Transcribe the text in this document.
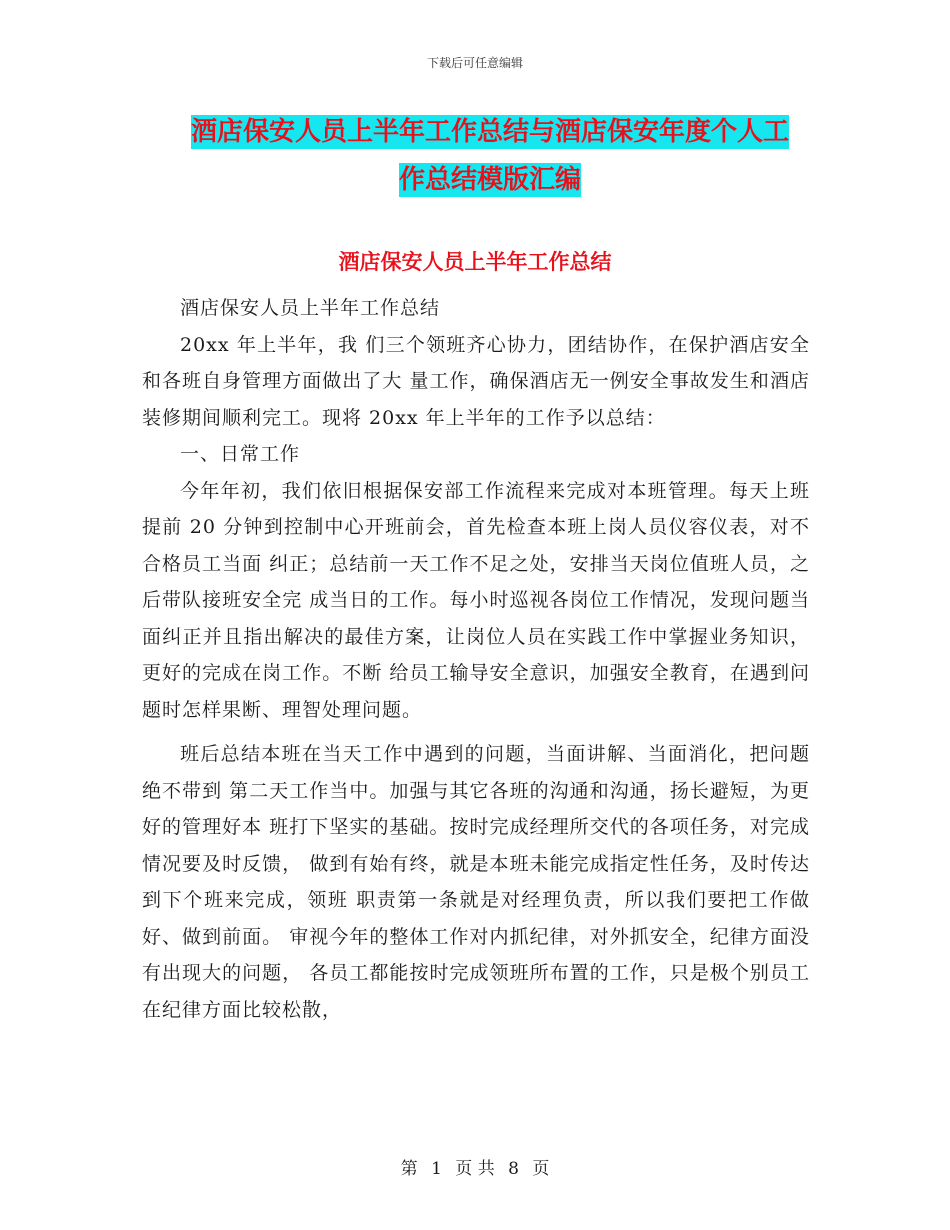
下载后可任意编辑
酒店保安人员上半年工作总结与酒店保安年度个人工
作总结模版汇编
酒店保安人员上半年工作总结

酒店保安人员上半年工作总结

20xx 年上半年，我 们三个领班齐心协力，团结协作，在保护酒店安全和各班自身管理方面做出了大 量工作，确保酒店无一例安全事故发生和酒店装修期间顺利完工。现将 20xx 年上半年的工作予以总结：

一、日常工作

今年年初，我们依旧根据保安部工作流程来完成对本班管理。每天上班提前 20 分钟到控制中心开班前会，首先检查本班上岗人员仪容仪表，对不合格员工当面 纠正；总结前一天工作不足之处，安排当天岗位值班人员，之后带队接班安全完 成当日的工作。每小时巡视各岗位工作情况，发现问题当面纠正并且指出解决的最佳方案，让岗位人员在实践工作中掌握业务知识，更好的完成在岗工作。不断 给员工输导安全意识，加强安全教育，在遇到问题时怎样果断、理智处理问题。

班后总结本班在当天工作中遇到的问题，当面讲解、当面消化，把问题绝不带到 第二天工作当中。加强与其它各班的沟通和沟通，扬长避短，为更好的管理好本 班打下坚实的基础。按时完成经理所交代的各项任务，对完成情况要及时反馈， 做到有始有终，就是本班未能完成指定性任务，及时传达到下个班来完成，领班 职责第一条就是对经理负责，所以我们要把工作做好、做到前面。 审视今年的整体工作对内抓纪律，对外抓安全，纪律方面没有出现大的问题， 各员工都能按时完成领班所布置的工作，只是极个别员工在纪律方面比较松散，

第 1 页 共 8 页
